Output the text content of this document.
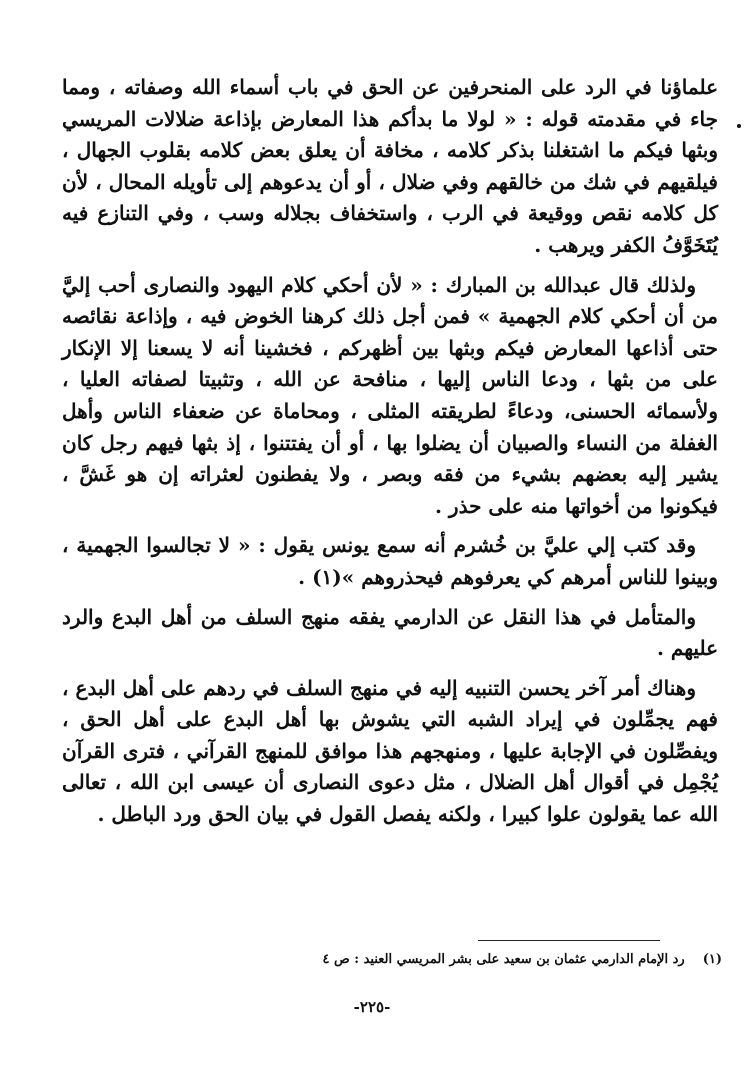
علماؤنا في الرد على المنحرفين عن الحق في باب أسماء الله وصفاته ، ومما جاء في مقدمته قوله : « لولا ما بدأكم هذا المعارض بإذاعة ضلالات المريسي وبثها فيكم ما اشتغلنا بذكر كلامه ، مخافة أن يعلق بعض كلامه بقلوب الجهال ، فيلقيهم في شك من خالقهم وفي ضلال ، أو أن يدعوهم إلى تأويله المحال ، لأن كل كلامه نقص ووقيعة في الرب ، واستخفاف بجلاله وسب ، وفي التنازع فيه يُتَخَوَّفُ الكفر ويرهب .

ولذلك قال عبدالله بن المبارك : « لأن أحكي كلام اليهود والنصارى أحب إليَّ من أن أحكي كلام الجهمية » فمن أجل ذلك كرهنا الخوض فيه ، وإذاعة نقائصه حتى أذاعها المعارض فيكم وبثها بين أظهركم ، فخشينا أنه لا يسعنا إلا الإنكار على من بثها ، ودعا الناس إليها ، منافحة عن الله ، وتثبيتا لصفاته العليا ، ولأسمائه الحسنى، ودعاءً لطريقته المثلى ، ومحاماة عن ضعفاء الناس وأهل الغفلة من النساء والصبيان أن يضلوا بها ، أو أن يفتتنوا ، إذ بثها فيهم رجل كان يشير إليه بعضهم بشيء من فقه وبصر ، ولا يفطنون لعثراته إن هو غَشَّ ، فيكونوا من أخواتها منه على حذر .

وقد كتب إلي عليَّ بن خُشرم أنه سمع يونس يقول : « لا تجالسوا الجهمية ، وبينوا للناس أمرهم كي يعرفوهم فيحذروهم »(١) .

والمتأمل في هذا النقل عن الدارمي يفقه منهج السلف من أهل البدع والرد عليهم .

وهناك أمر آخر يحسن التنبيه إليه في منهج السلف في ردهم على أهل البدع ، فهم يجمِّلون في إيراد الشبه التي يشوش بها أهل البدع على أهل الحق ، ويفصِّلون في الإجابة عليها ، ومنهجهم هذا موافق للمنهج القرآني ، فترى القرآن يُجْمِل في أقوال أهل الضلال ، مثل دعوى النصارى أن عيسى ابن الله ، تعالى الله عما يقولون علوا كبيرا ، ولكنه يفصل القول في بيان الحق ورد الباطل .

(١)رد الإمام الدارمي عثمان بن سعيد على بشر المريسي العنيد : ص ٤
-٢٢٥-
